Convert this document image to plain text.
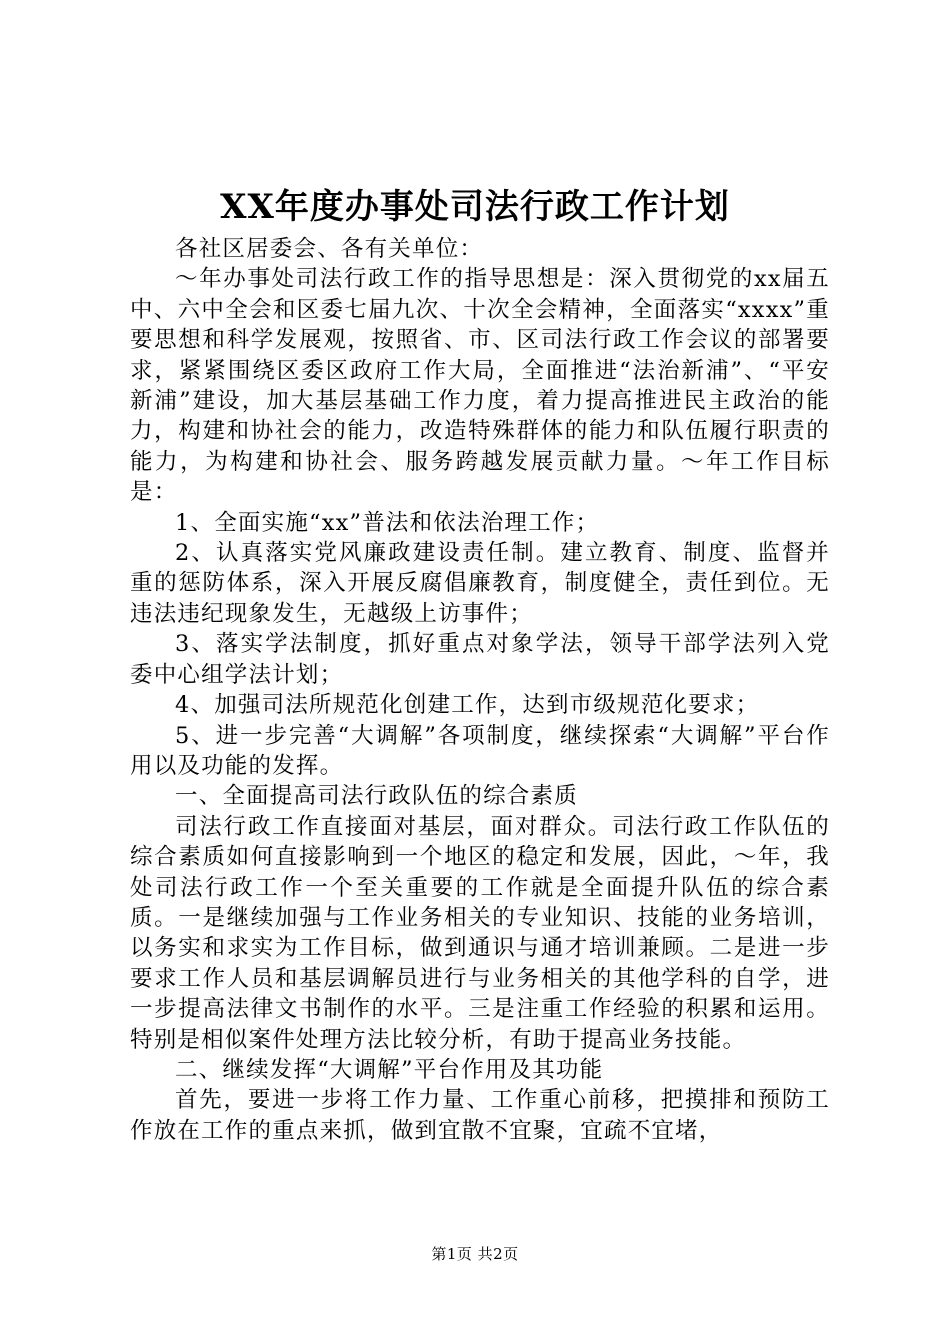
XX年度办事处司法行政工作计划

各社区居委会、各有关单位：

～年办事处司法行政工作的指导思想是：深入贯彻党的xx届五中、六中全会和区委七届九次、十次全会精神，全面落实“xxxx”重要思想和科学发展观，按照省、市、区司法行政工作会议的部署要求，紧紧围绕区委区政府工作大局，全面推进“法治新浦”、“平安新浦”建设，加大基层基础工作力度，着力提高推进民主政治的能力，构建和协社会的能力，改造特殊群体的能力和队伍履行职责的能力，为构建和协社会、服务跨越发展贡献力量。～年工作目标是：

1、全面实施“xx”普法和依法治理工作；

2、认真落实党风廉政建设责任制。建立教育、制度、监督并重的惩防体系，深入开展反腐倡廉教育，制度健全，责任到位。无违法违纪现象发生，无越级上访事件；

3、落实学法制度，抓好重点对象学法，领导干部学法列入党委中心组学法计划；

4、加强司法所规范化创建工作，达到市级规范化要求；

5、进一步完善“大调解”各项制度，继续探索“大调解”平台作用以及功能的发挥。

一、全面提高司法行政队伍的综合素质

司法行政工作直接面对基层，面对群众。司法行政工作队伍的综合素质如何直接影响到一个地区的稳定和发展，因此，～年，我处司法行政工作一个至关重要的工作就是全面提升队伍的综合素质。一是继续加强与工作业务相关的专业知识、技能的业务培训，以务实和求实为工作目标，做到通识与通才培训兼顾。二是进一步要求工作人员和基层调解员进行与业务相关的其他学科的自学，进一步提高法律文书制作的水平。三是注重工作经验的积累和运用。特别是相似案件处理方法比较分析，有助于提高业务技能。

二、继续发挥“大调解”平台作用及其功能

首先，要进一步将工作力量、工作重心前移，把摸排和预防工作放在工作的重点来抓，做到宜散不宜聚，宜疏不宜堵，

第1页 共2页
